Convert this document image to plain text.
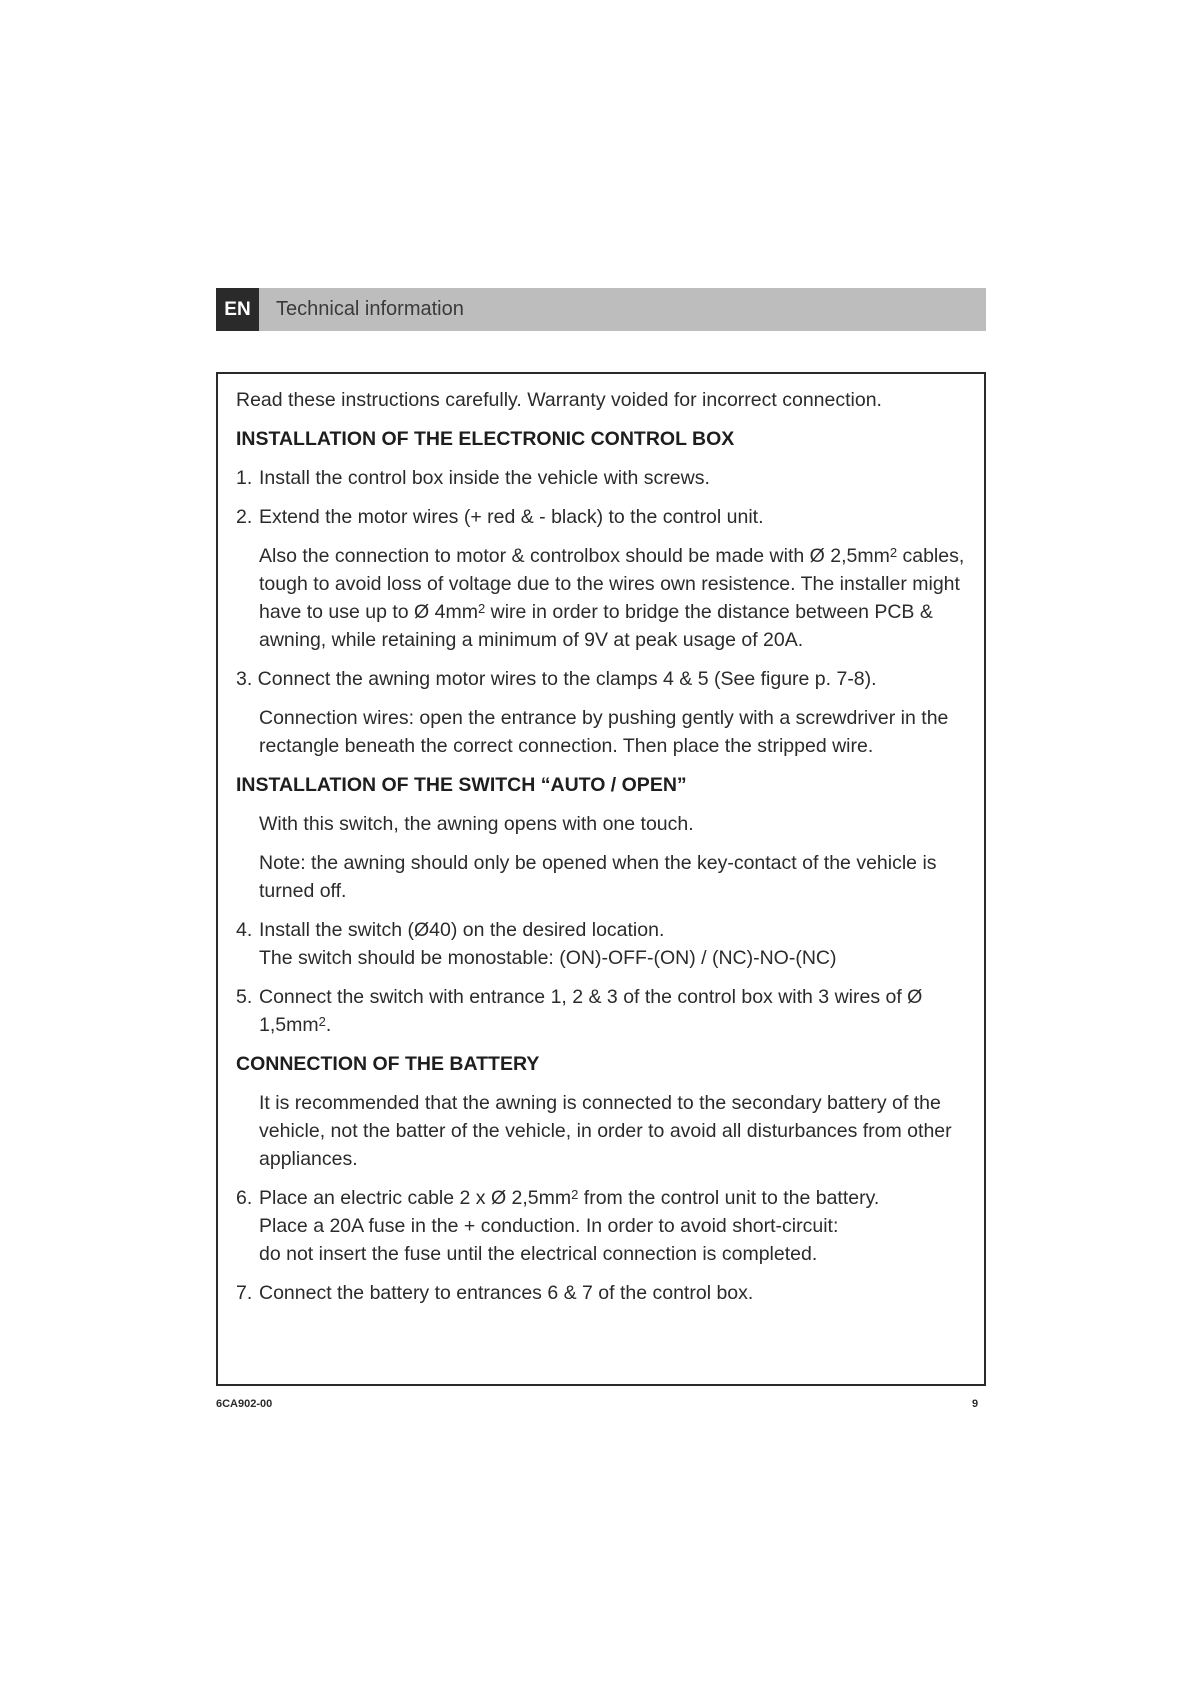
EN	Technical information
Read these instructions carefully. Warranty voided for incorrect connection.
INSTALLATION OF THE ELECTRONIC CONTROL BOX
1. Install the control box inside the vehicle with screws.
2. Extend the motor wires (+ red & - black) to the control unit.
Also the connection to motor & controlbox should be made with Ø $2,5mm^2$ cables, tough to avoid loss of voltage due to the wires own resistence. The installer might have to use up to Ø $4mm^2$ wire in order to bridge the distance between PCB & awning, while retaining a minimum of 9V at peak usage of 20A.
3. Connect the awning motor wires to the clamps 4 & 5 (See figure p. 7-8).
Connection wires: open the entrance by pushing gently with a screwdriver in the rectangle beneath the correct connection. Then place the stripped wire.
INSTALLATION OF THE SWITCH “AUTO / OPEN”
With this switch, the awning opens with one touch.
Note: the awning should only be opened when the key-contact of the vehicle is turned off.
4. Install the switch (Ø40) on the desired location.
The switch should be monostable: (ON)-OFF-(ON) / (NC)-NO-(NC)
5. Connect the switch with entrance 1, 2 & 3 of the control box with 3 wires of Ø $1,5mm^2$.
CONNECTION OF THE BATTERY
It is recommended that the awning is connected to the secondary battery of the vehicle, not the batter of the vehicle, in order to avoid all disturbances from other appliances.
6. Place an electric cable 2 x Ø $2,5mm^2$ from the control unit to the battery.
Place a 20A fuse in the + conduction. In order to avoid short-circuit:
do not insert the fuse until the electrical connection is completed.
7. Connect the battery to entrances 6 & 7 of the control box.
6CA902-00	9
